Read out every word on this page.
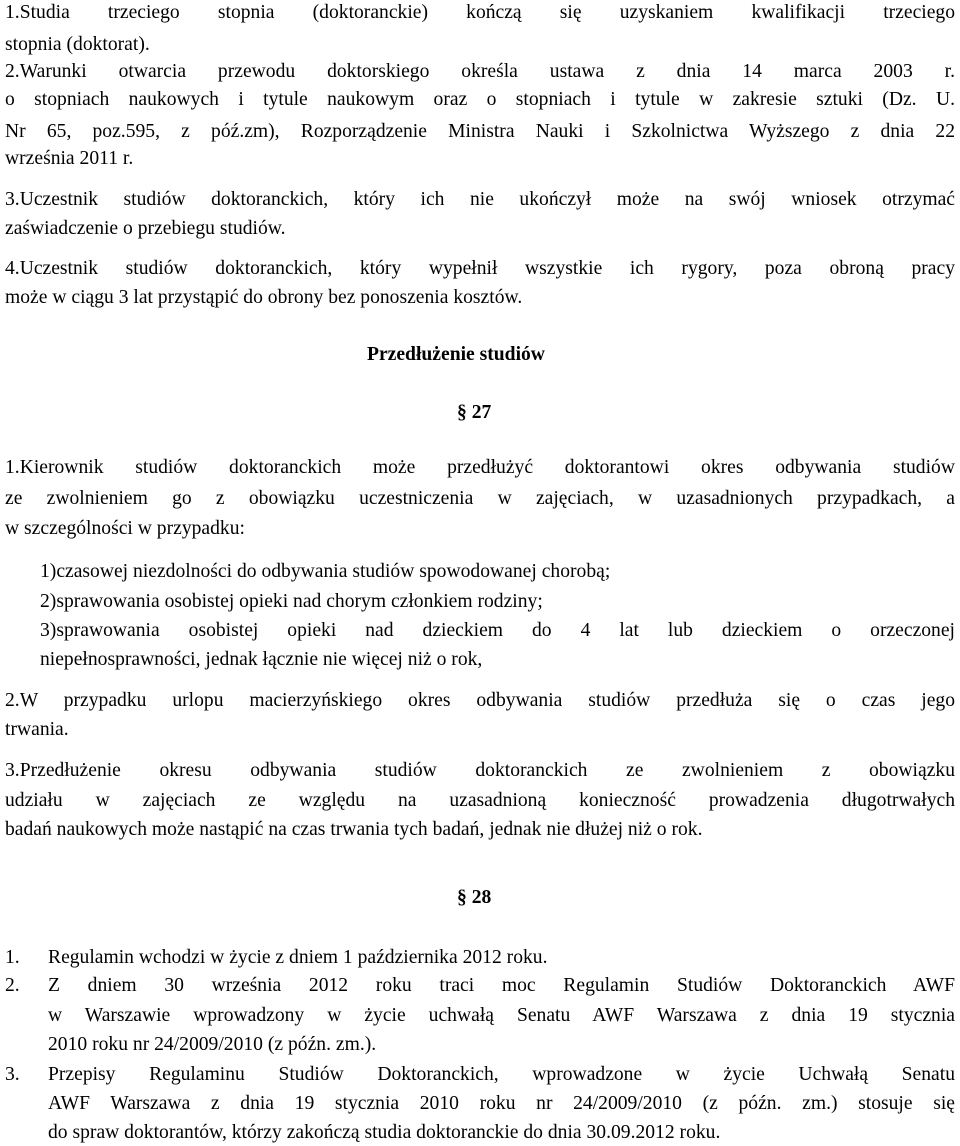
1.Studia trzeciego stopnia (doktoranckie) kończą się uzyskaniem kwalifikacji trzeciego

stopnia (doktorat).

2.Warunki otwarcia przewodu doktorskiego określa ustawa z dnia 14 marca 2003 r.

o stopniach naukowych i tytule naukowym oraz o stopniach i tytule w zakresie sztuki (Dz. U.

Nr 65, poz.595, z póź.zm), Rozporządzenie Ministra Nauki i Szkolnictwa Wyższego z dnia 22

września 2011 r.

3.Uczestnik studiów doktoranckich, który ich nie ukończył może na swój wniosek otrzymać

zaświadczenie o przebiegu studiów.

4.Uczestnik studiów doktoranckich, który wypełnił wszystkie ich rygory, poza obroną pracy

może w ciągu 3 lat przystąpić do obrony bez ponoszenia kosztów.

Przedłużenie studiów

§ 27

1.Kierownik studiów doktoranckich może przedłużyć doktorantowi okres odbywania studiów

ze zwolnieniem go z obowiązku uczestniczenia w zajęciach, w uzasadnionych przypadkach, a

w szczególności w przypadku:

1)czasowej niezdolności do odbywania studiów spowodowanej chorobą;

2)sprawowania osobistej opieki nad chorym członkiem rodziny;

3)sprawowania osobistej opieki nad dzieckiem do 4 lat lub dzieckiem o orzeczonej

niepełnosprawności, jednak łącznie nie więcej niż o rok,

2.W przypadku urlopu macierzyńskiego okres odbywania studiów przedłuża się o czas jego

trwania.

3.Przedłużenie okresu odbywania studiów doktoranckich ze zwolnieniem z obowiązku

udziału w zajęciach ze względu na uzasadnioną konieczność prowadzenia długotrwałych

badań naukowych może nastąpić na czas trwania tych badań, jednak nie dłużej niż o rok.

§ 28

1. Regulamin wchodzi w życie z dniem 1 października 2012 roku.

2. Z dniem 30 września 2012 roku traci moc Regulamin Studiów Doktoranckich AWF

w Warszawie wprowadzony w życie uchwałą Senatu AWF Warszawa z dnia 19 stycznia

2010 roku nr 24/2009/2010 (z późn. zm.).

3. Przepisy Regulaminu Studiów Doktoranckich, wprowadzone w życie Uchwałą Senatu

AWF Warszawa z dnia 19 stycznia 2010 roku nr 24/2009/2010 (z późn. zm.) stosuje się

do spraw doktorantów, którzy zakończą studia doktoranckie do dnia 30.09.2012 roku.
